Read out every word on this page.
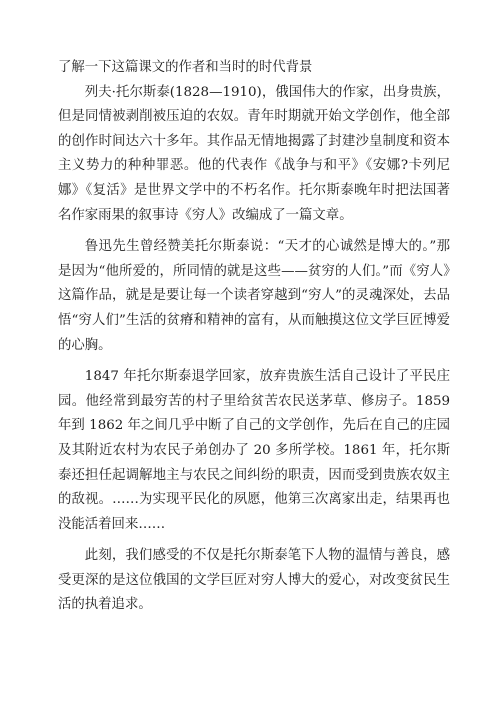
了解一下这篇课文的作者和当时的时代背景

列夫·托尔斯泰(1828—1910)，俄国伟大的作家，出身贵族，但是同情被剥削被压迫的农奴。青年时期就开始文学创作，他全部的创作时间达六十多年。其作品无情地揭露了封建沙皇制度和资本主义势力的种种罪恶。他的代表作《战争与和平》《安娜?卡列尼娜》《复活》是世界文学中的不朽名作。托尔斯泰晚年时把法国著名作家雨果的叙事诗《穷人》改编成了一篇文章。

鲁迅先生曾经赞美托尔斯泰说：“天才的心诚然是博大的。”那是因为“他所爱的，所同情的就是这些——贫穷的人们。”而《穷人》这篇作品，就是是要让每一个读者穿越到“穷人”的灵魂深处，去品悟“穷人们”生活的贫瘠和精神的富有，从而触摸这位文学巨匠博爱的心胸。

1847 年托尔斯泰退学回家，放弃贵族生活自己设计了平民庄园。他经常到最穷苦的村子里给贫苦农民送茅草、修房子。1859 年到 1862 年之间几乎中断了自己的文学创作，先后在自己的庄园及其附近农村为农民子弟创办了 20 多所学校。1861 年，托尔斯泰还担任起调解地主与农民之间纠纷的职责，因而受到贵族农奴主的敌视。……为实现平民化的夙愿，他第三次离家出走，结果再也没能活着回来……

此刻，我们感受的不仅是托尔斯泰笔下人物的温情与善良，感受更深的是这位俄国的文学巨匠对穷人博大的爱心，对改变贫民生活的执着追求。
